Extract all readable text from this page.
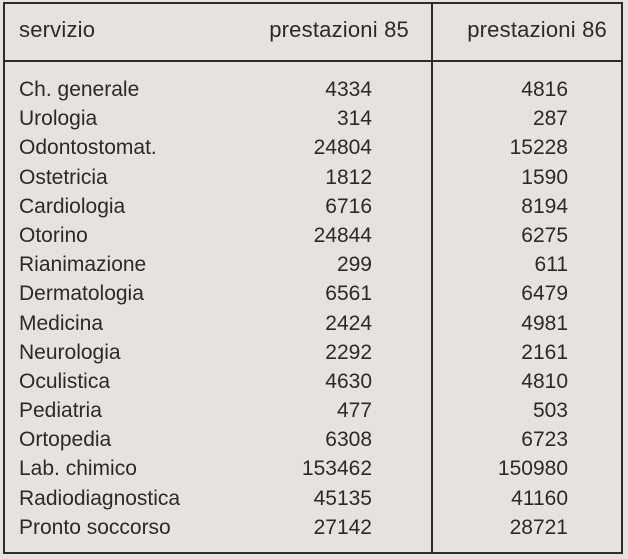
servizio	prestazioni 85	prestazioni 86
Ch. generale	4334	4816
Urologia	314	287
Odontostomat.	24804	15228
Ostetricia	1812	1590
Cardiologia	6716	8194
Otorino	24844	6275
Rianimazione	299	611
Dermatologia	6561	6479
Medicina	2424	4981
Neurologia	2292	2161
Oculistica	4630	4810
Pediatria	477	503
Ortopedia	6308	6723
Lab. chimico	153462	150980
Radiodiagnostica	45135	41160
Pronto soccorso	27142	28721
